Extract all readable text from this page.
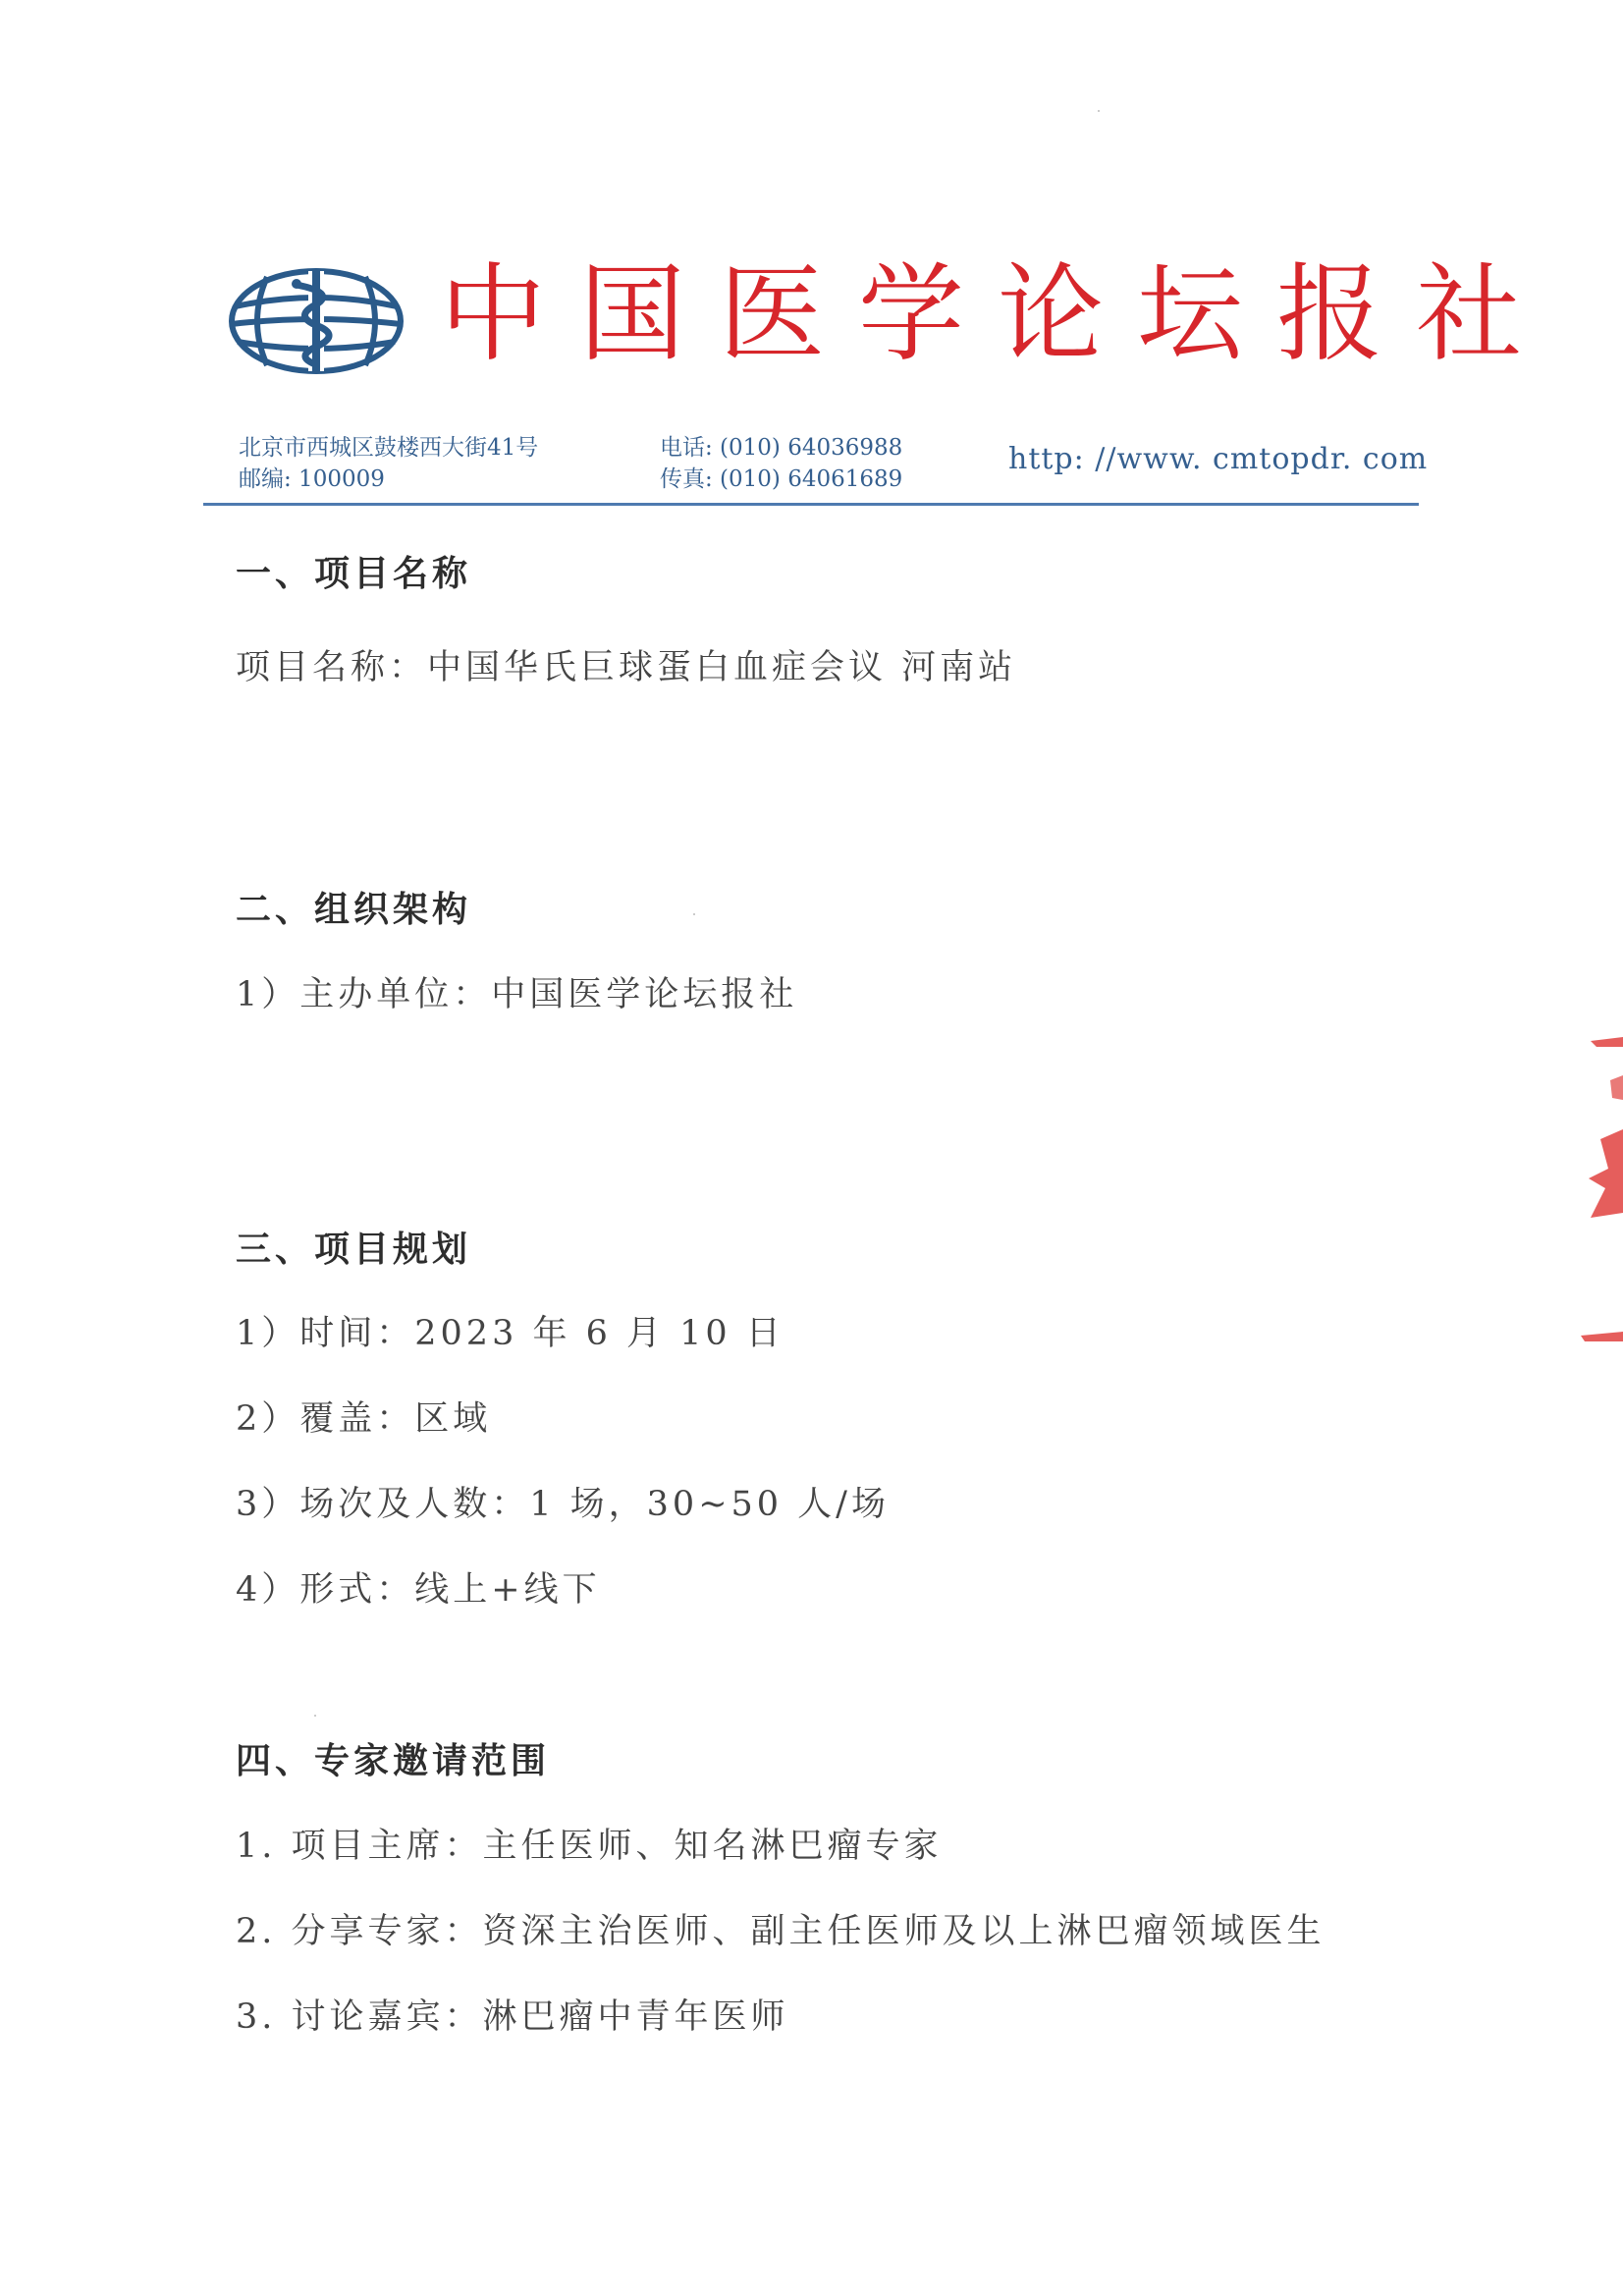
中国医学论坛报社
北京市西城区鼓楼西大街41号
邮编: 100009
电话: (010) 64036988
传真: (010) 64061689
http: //www. cmtopdr. com
一、项目名称
项目名称：中国华氏巨球蛋白血症会议 河南站
二、组织架构
1）主办单位：中国医学论坛报社
三、项目规划
1）时间：2023 年 6 月 10 日
2）覆盖：区域
3）场次及人数：1 场，30~50 人/场
4）形式：线上+线下
四、专家邀请范围
1. 项目主席：主任医师、知名淋巴瘤专家
2. 分享专家：资深主治医师、副主任医师及以上淋巴瘤领域医生
3. 讨论嘉宾：淋巴瘤中青年医师
